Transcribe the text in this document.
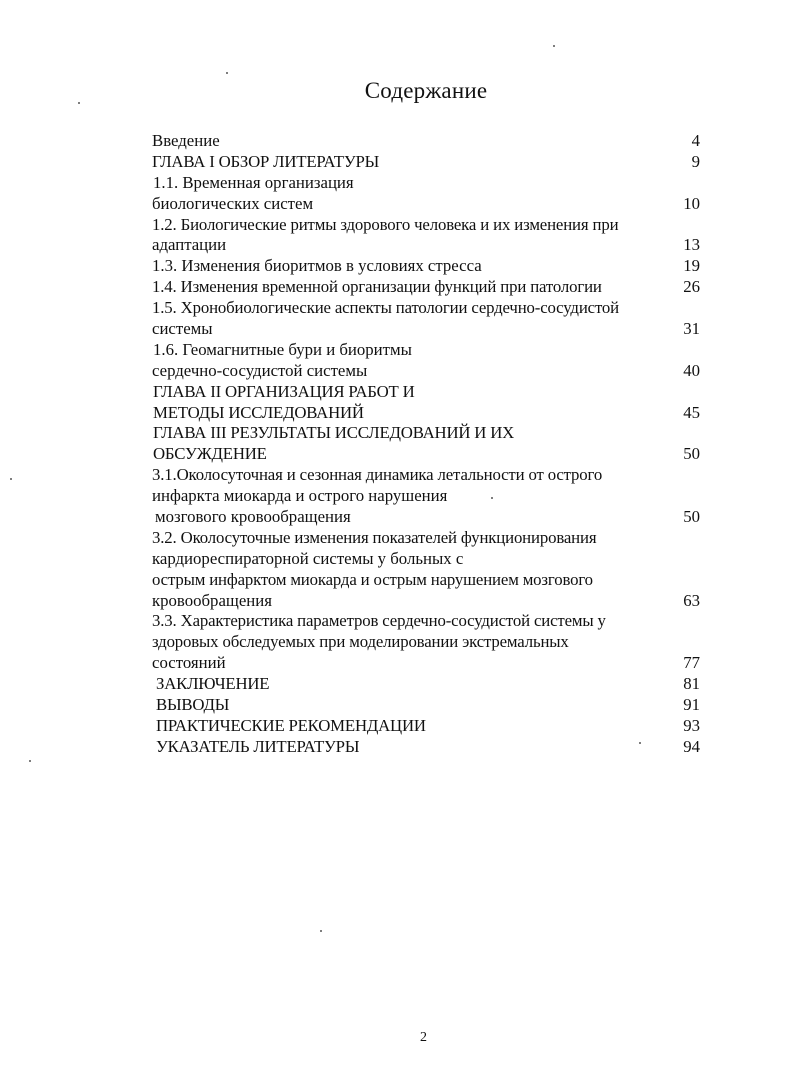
Содержание
Введение	4
ГЛАВА I ОБЗОР ЛИТЕРАТУРЫ	9
1.1. Временная организация
биологических систем	10
1.2. Биологические ритмы здорового человека и их изменения при
адаптации	13
1.3. Изменения биоритмов в условиях стресса	19
1.4. Изменения временной организации функций при патологии	26
1.5. Хронобиологические аспекты патологии сердечно-сосудистой
системы	31
1.6. Геомагнитные бури и биоритмы
сердечно-сосудистой системы	40
ГЛАВА II ОРГАНИЗАЦИЯ РАБОТ И
МЕТОДЫ ИССЛЕДОВАНИЙ	45
ГЛАВА III РЕЗУЛЬТАТЫ ИССЛЕДОВАНИЙ И ИХ
ОБСУЖДЕНИЕ	50
3.1.Околосуточная и сезонная динамика летальности от острого
инфаркта миокарда и острого нарушения
мозгового кровообращения	50
3.2. Околосуточные изменения показателей функционирования
кардиореспираторной системы у больных с
острым инфарктом миокарда и острым нарушением мозгового
кровообращения	63
3.3. Характеристика параметров сердечно-сосудистой системы у
здоровых обследуемых при моделировании экстремальных
состояний	77
ЗАКЛЮЧЕНИЕ	81
ВЫВОДЫ	91
ПРАКТИЧЕСКИЕ РЕКОМЕНДАЦИИ	93
УКАЗАТЕЛЬ ЛИТЕРАТУРЫ	94
2
